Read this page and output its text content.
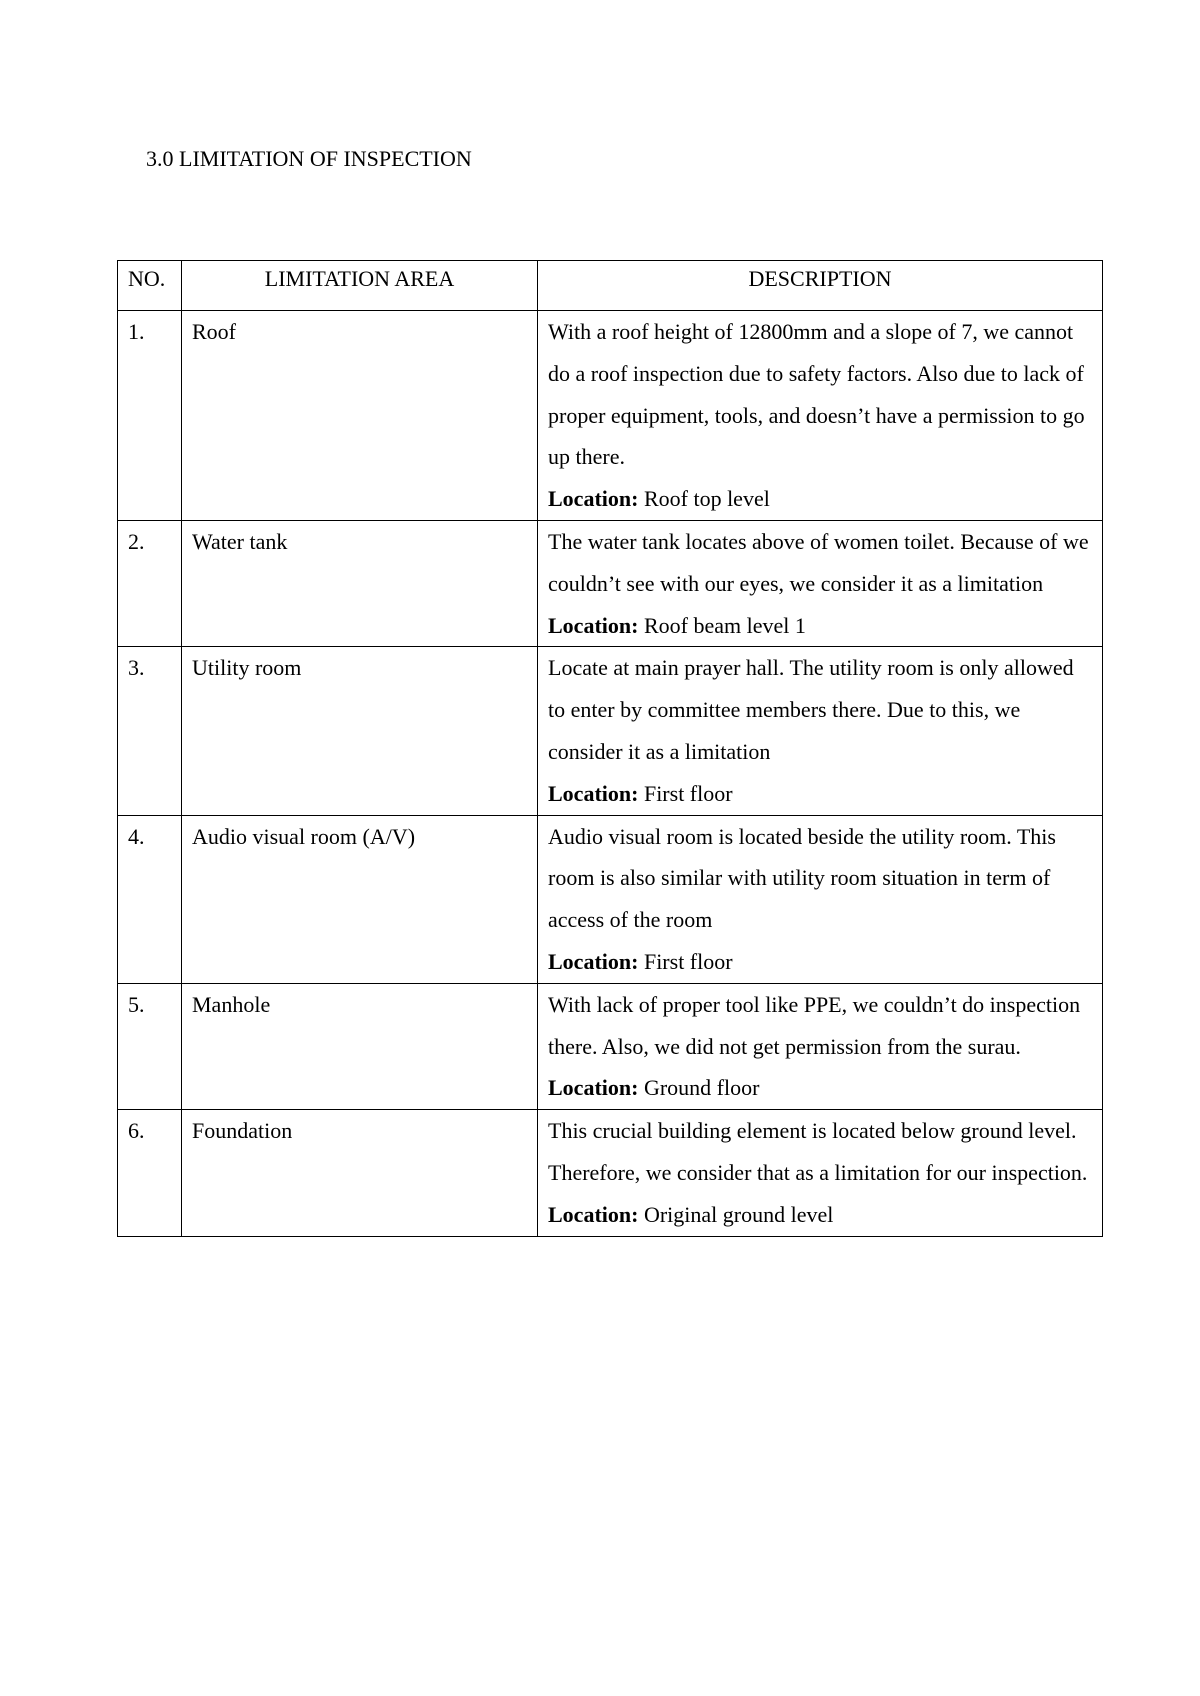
3.0 LIMITATION OF INSPECTION
NO.	LIMITATION AREA	DESCRIPTION
1.	Roof	With a roof height of 12800mm and a slope of 7, we cannot do a roof inspection due to safety factors. Also due to lack of proper equipment, tools, and doesn’t have a permission to go up there.
Location: Roof top level

2.	Water tank	The water tank locates above of women toilet. Because of we couldn’t see with our eyes, we consider it as a limitation
Location: Roof beam level 1

3.	Utility room	Locate at main prayer hall. The utility room is only allowed to enter by committee members there. Due to this, we consider it as a limitation
Location: First floor

4.	Audio visual room (A/V)	Audio visual room is located beside the utility room. This room is also similar with utility room situation in term of access of the room
Location: First floor

5.	Manhole	With lack of proper tool like PPE, we couldn’t do inspection there. Also, we did not get permission from the surau.
Location: Ground floor

6.	Foundation	This crucial building element is located below ground level. Therefore, we consider that as a limitation for our inspection.
Location: Original ground level
